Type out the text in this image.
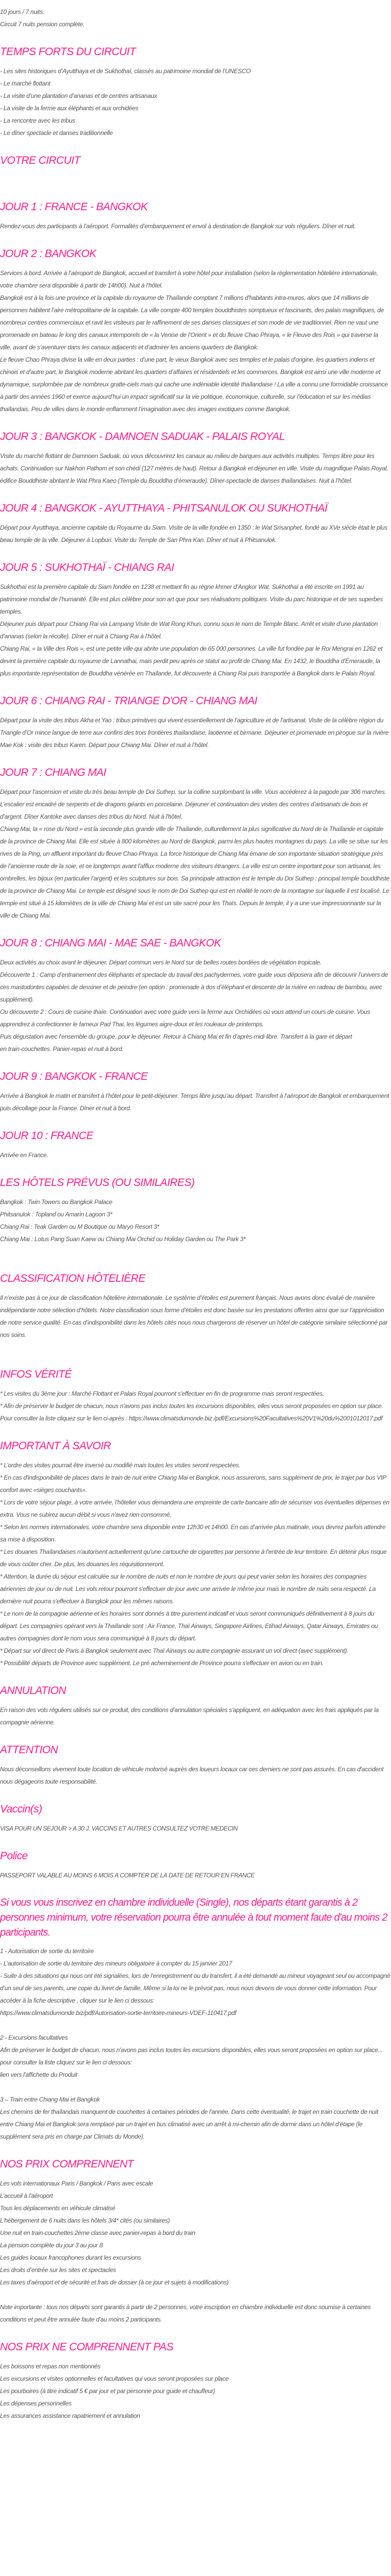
10 jours / 7 nuits.

Circuit 7 nuits pension complète.

TEMPS FORTS DU CIRCUIT

- Les sites historiques d’Ayutthaya et de Sukhothaï, classés au patrimoine mondial de l’UNESCO

- Le marché flottant

- La visite d’une plantation d’ananas et de centres artisanaux

- La visite de la ferme aux éléphants et aux orchidées

- La rencontre avec les tribus

- Le dîner spectacle et danses traditionnelle

VOTRE CIRCUIT
JOUR 1 : FRANCE - BANGKOK

Rendez-vous des participants à l’aéroport. Formalités d’embarquement et envol à destination de Bangkok sur vols réguliers. Dîner et nuit.

JOUR 2 : BANGKOK

Services à bord. Arrivée à l’aéroport de Bangkok, accueil et transfert à votre hôtel pour installation (selon la règlementation hôtelière internationale, votre chambre sera disponible à partir de 14h00). Nuit à l’hôtel.

Bangkok est à la fois une province et la capitale du royaume de Thaïlande comptant 7 millions d'habitants intra-muros, alors que 14 millions de personnes habitent l’aire métropolitaine de la capitale. La ville compte 400 temples bouddhistes somptueux et fascinants, des palais magnifiques, de nombreux centres commerciaux et ravit les visiteurs par le raffinement de ses danses classiques et son mode de vie traditionnel. Rien ne vaut une promenade en bateau le long des canaux intemporels de « la Venise de l’Orient » et du fleuve Chao Phraya, « le Fleuve des Rois » qui traverse la ville, avant de s’aventurer dans les canaux adjacents et d’admirer les anciens quartiers de Bangkok.

Le fleuve Chao Phraya divise la ville en deux parties : d’une part, le vieux Bangkok avec ses temples et le palais d'origine, les quartiers indiens et chinois et d’autre part, le Bangkok moderne abritant les quartiers d’affaires et résidentiels et les commerces. Bangkok est ainsi une ville moderne et dynamique, surplombée par de nombreux gratte-ciels mais qui cache une indéniable identité thaïlandaise ! La ville a connu une formidable croissance à partir des années 1960 et exerce aujourd’hui un impact significatif sur la vie politique, économique, culturelle, sur l’éducation et sur les médias thaïlandais. Peu de villes dans le monde enflamment l’imagination avec des images exotiques comme Bangkok.

JOUR 3 : BANGKOK - DAMNOEN SADUAK - PALAIS ROYAL

Visite du marché flottant de Damnoen Saduak, où vous découvrirez les canaux au milieu de barques aux activités multiples. Temps libre pour les achats. Continuation sur Nakhon Pathom et son chédi (127 mètres de haut). Retour à Bangkok et déjeuner en ville. Visite du magnifique Palais Royal, édifice Bouddhiste abritant le Wat Phra Kaeo (Temple du Bouddha d’émeraude). Dîner-spectacle de danses thaïlandaises. Nuit à l’hôtel.

JOUR 4 : BANGKOK - AYUTTHAYA - PHITSANULOK OU SUKHOTHAÏ

Départ pour Ayutthaya, ancienne capitale du Royaume du Siam. Visite de la ville fondée en 1350 : le Wat Srisanphet, fondé au XVe siècle était le plus beau temple de la ville. Déjeuner à Lopburi. Visite du Temple de San Phra Kan. Dîner et nuit à Phitsanulok.

JOUR 5 : SUKHOTHAÏ - CHIANG RAI

Sukhothaï est la première capitale du Siam fondée en 1238 et mettant fin au règne khmer d’Angkor Wat. Sukhothaï a été inscrite en 1991 au patrimoine mondial de l’humanité. Elle est plus célèbre pour son art que pour ses réalisations politiques. Visite du parc historique et de ses superbes temples.

Déjeuner puis départ pour Chiang Rai via Lampang Visite de Wat Rong Khun, connu sous le nom de Temple Blanc. Arrêt et visite d’une plantation d’ananas (selon la récolte). Dîner et nuit à Chiang Rai à l’hôtel.

Chiang Rai, « la Ville des Rois », est une petite ville qui abrite une population de 65 000 personnes. La ville fut fondée par le Roi Mengrai en 1262 et devint la première capitale du royaume de Lannathai, mais perdit peu après ce statut au profit de Chiang Mai. En 1432, le Bouddha d'Émeraude, la plus importante représentation de Bouddha vénérée en Thaïlande, fut découverte à Chiang Rai puis transportée à Bangkok dans le Palais Royal.

JOUR 6 : CHIANG RAI - TRIANGE D'OR - CHIANG MAI

Départ pour la visite des tribus Akha et Yao : tribus primitives qui vivent essentiellement de l’agriculture et de l’artisanat. Visite de la célèbre région du Triangle d’Or mince langue de terre aux confins des trois frontières thaïlandaise, laotienne et birmane. Déjeuner et promenade en pirogue sur la rivière Mae Kok : visite des tribus Karen. Départ pour Chiang Mai. Dîner et nuit à l’hôtel.

JOUR 7 : CHIANG MAI

Départ pour l’ascension et visite du très beau temple de Doi Suthep, sur la colline surplombant la ville. Vous accéderez à la pagode par 306 marches. L’escalier est encadré de serpents et de dragons géants en porcelaine. Déjeuner et continuation des visites des centres d’artisanats de bois et d’argent. Dîner Kantoke avec danses des tribus du Nord. Nuit à l'hôtel.

Chiang Mai, la « rose du Nord » est la seconde plus grande ville de Thaïlande, culturellement la plus significative du Nord de la Thaïlande et capitale de la province de Chiang Mai. Elle est située à 800 kilomètres au Nord de Bangkok, parmi les plus hautes montagnes du pays. La ville se situe sur les rives de la Ping, un affluent important du fleuve Chao Phraya. La force historique de Chiang Mai émane de son importante situation stratégique près de l’ancienne route de la soie, et ce longtemps avant l'afflux moderne des visiteurs étrangers. La ville est un centre important pour son artisanat, les ombrelles, les bijoux (en particulier l’argent) et les sculptures sur bois. Sa principale attraction est le temple du Doi Suthep : principal temple bouddhiste de la province de Chiang Mai. Le temple est désigné sous le nom de Doi Suthep qui est en réalité le nom de la montagne sur laquelle il est localisé. Le temple est situé à 15 kilomètres de la ville de Chiang Mai et est un site sacré pour les Thaïs. Depuis le temple, il y a une vue impressionnante sur la ville de Chiang Mai.

JOUR 8 : CHIANG MAI - MAE SAE - BANGKOK

Deux activités au choix avant le déjeuner. Départ commun vers le Nord sur de belles routes bordées de végétation tropicale.

Découverte 1 : Camp d’entrainement des éléphants et spectacle du travail des pachydermes, votre guide vous déposera afin de découvrir l’univers de ces mastodontes capables de dessiner et de peindre (en option : promenade à dos d’éléphant et descente de la rivière en radeau de bambou, avec supplément).

Ou découverte 2 : Cours de cuisine thaïe. Continuation avec votre guide vers la ferme aux Orchidées où vous attend un cours de cuisine. Vous apprendrez à confectionner le fameux Pad Thai, les légumes aigre-doux et les rouleaux de printemps.

Puis dégustation avec l’ensemble du groupe, pour le déjeuner. Retour à Chiang Mai et fin d’après-midi libre. Transfert à la gare et départ

en train-couchettes. Panier-repas et nuit à bord.

JOUR 9 : BANGKOK - FRANCE

Arrivée à Bangkok le matin et transfert à l’hôtel pour le petit-déjeuner. Temps libre jusqu’au départ. Transfert à l’aéroport de Bangkok et embarquement puis décollage pour la France. Dîner et nuit à bord.

JOUR 10 : FRANCE

Arrivée en France.

LES HÔTELS PRÉVUS (OU SIMILAIRES)

Bangkok : Twin Towers ou Bangkok Palace

Phitsanulok : Topland ou Amarin Lagoon 3*

Chiang Rai : Teak Garden ou M Boutique ou Maryo Resort 3*

Chiang Mai : Lotus Pang Suan Kaew ou Chiang Mai Orchid ou Holiday Garden ou The Park 3*

CLASSIFICATION HÔTELIÈRE

Il n’existe pas à ce jour de classification hôtelière internationale. Le système d’étoiles est purement français. Nous avons donc évalué de manière indépendante notre sélection d’hôtels. Notre classification sous forme d’étoiles est donc basée sur les prestations offertes ainsi que sur l’appréciation de notre service qualité. En cas d’indisponibilité dans les hôtels cités nous nous chargerons de réserver un hôtel de catégorie similaire sélectionné par nos soins.

INFOS VÉRITÉ

* Les visites du 3ème jour : Marché Flottant et Palais Royal pourront s'effectuer en fin de programme mais seront respectées.

* Afin de préserver le budget de chacun, nous n'avons pas inclus toutes les excursions disponibles, elles vous seront proposées en option sur place. Pour consulter la liste cliquez sur le lien ci-après : https://www.climatsdumonde.biz /pdf/Excursions%20Facultatives%20V1%20du%2001012017.pdf

IMPORTANT À SAVOIR

* L’ordre des visites pourrait être inversé ou modifié mais toutes les visites seront respectées.

* En cas d'indisponibilité de places dans le train de nuit entre Chiang Mai et Bangkok, nous assurerons, sans supplément de prix, le trajet par bus VIP confort avec «sièges couchants».

* Lors de votre séjour plage, à votre arrivée, l’hôtelier vous demandera une empreinte de carte bancaire afin de sécuriser vos éventuelles dépenses en extra. Vous ne subirez aucun débit si vous n'avez rien consommé.

* Selon les normes internationales, votre chambre sera disponible entre 12h30 et 14h00. En cas d’arrivée plus matinale, vous devrez parfois attendre sa mise à disposition.

* Les douanes Thaïlandaises n'autorisent actuellement qu'une cartouche de cigarettes par personne à l'entrée de leur territoire. En détenir plus risque de vous coûter cher. De plus, les douanes les réquisitionneront.

* Attention, la durée du séjour est calculée sur le nombre de nuits et non le nombre de jours qui peut varier selon les horaires des compagnies aériennes de jour ou de nuit. Les vols retour pourront s'effectuer de jour avec une arrivée le même jour mais le nombre de nuits sera respecté. La dernière nuit pourra s'effectuer à Bangkok pour les mêmes raisons.

* Le nom de la compagnie aérienne et les horaires sont donnés à titre purement indicatif et vous seront communiqués définitivement à 8 jours du départ. Les compagnies opérant vers la Thaïlande sont : Air France, Thaï Airways, Singapore Airlines, Etihad Airways, Qatar Airways, Emirates ou autres compagnies dont le nom vous sera communiqué à 8 jours du départ.

* Départ sur vol direct de Paris à Bangkok seulement avec Thaï Airways ou autre compagnie assurant un vol direct (avec supplément).

* Possibilité départs de Province avec supplément. Le pré acheminement de Province pourra s'effectuer en avion ou en train.

ANNULATION

En raison des vols réguliers utilisés sur ce produit, des conditions d’annulation spéciales s'appliquent, en adéquation avec les frais appliqués par la compagnie aérienne.

ATTENTION

Nous déconseillons vivement toute location de véhicule motorisé auprès des loueurs locaux car ces derniers ne sont pas assurés. En cas d'accident nous dégageons toute responsabilité.

Vaccin(s)

VISA POUR UN SEJOUR > A 30 J. VACCINS ET AUTRES CONSULTEZ VOTRE MEDECIN

Police

PASSEPORT VALABLE AU MOINS 6 MOIS A COMPTER DE LA DATE DE RETOUR EN FRANCE

Si vous vous inscrivez en chambre individuelle (Single), nos départs étant garantis à 2 personnes minimum, votre réservation pourra être annulée à tout moment faute d'au moins 2 participants.

1 - Autorisation de sortie du territoire

- L’autorisation de sortie du territoire des mineurs obligatoire à compter du 15 janvier 2017

- Suite à des situations qui nous ont été signalées, lors de l’enregistrement ou du transfert, il a été demandé au mineur voyageant seul ou accompagné d’un seul de ses parents, une copie du livret de famille. Même si la loi ne le prévoit pas, nous nous devons de vous donner cette information. Pour accéder à la fiche descriptive , cliquer sur le lien ci dessous:

https://www.climatsdumonde.biz/pdf/Autorisation-sortie-territoire-mineurs-VDEF-110417.pdf

2 - Excursions facultatives

Afin de préserver le budget de chacun, nous n'avons pas inclus toutes les excursions disponibles, elles vous seront proposées en option sur place... pour consulter la liste cliquez sur le lien ci dessous:

lien vers l'affichette du Produit

3 – Train entre Chiang Mai et Bangkok

Les chemins de fer thaïlandais manquent de couchettes à certaines périodes de l’année. Dans cette éventualité, le trajet en train couchette de nuit entre Chiang Mai et Bangkok sera remplacé par un trajet en bus climatisé avec un arrêt à mi-chemin afin de dormir dans un hôtel d’étape (le supplément sera pris en charge par Climats du Monde).

NOS PRIX COMPRENNENT

Les vols internationaux Paris / Bangkok / Paris avec escale

L’accueil à l'aéroport

Tous les déplacements en véhicule climatisé

L'hébergement de 6 nuits dans les hôtels 3/4* cités (ou similaires)

Une nuit en train-couchettes 2ème classe avec panier-repas à bord du train

La pension complète du jour 3 au jour 8

Les guides locaux francophones durant les excursions

Les droits d’entrée sur les sites et spectacles

Les taxes d’aéroport et de sécurité et frais de dossier (à ce jour et sujets à modifications)

Note importante : tous nos départs sont garantis à partir de 2 personnes, votre inscription en chambre individuelle est donc soumise à certaines conditions et peut être annulée faute d'au moins 2 participants.

NOS PRIX NE COMPRENNENT PAS

Les boissons et repas non mentionnés

Les excursions et visites optionnelles et facultatives qui vous seront proposées sur place

Les pourboires (à titre indicatif 5 € par jour et par personne pour guide et chauffeur)

Les dépenses personnelles

Les assurances assistance rapatriement et annulation
